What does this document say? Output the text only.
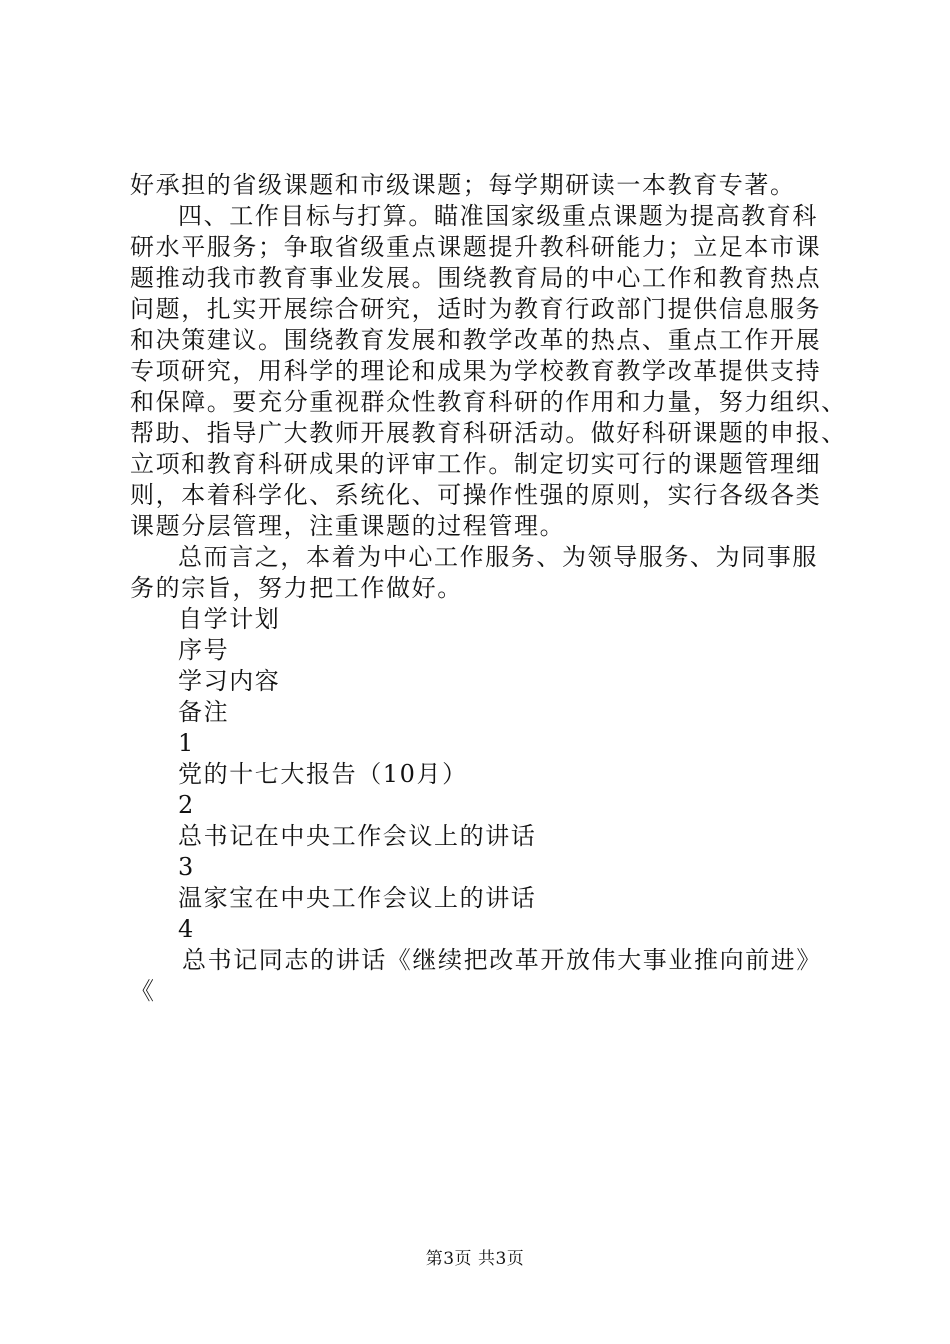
好承担的省级课题和市级课题；每学期研读一本教育专著。
四、工作目标与打算。瞄准国家级重点课题为提高教育科
研水平服务；争取省级重点课题提升教科研能力；立足本市课
题推动我市教育事业发展。围绕教育局的中心工作和教育热点
问题，扎实开展综合研究，适时为教育行政部门提供信息服务
和决策建议。围绕教育发展和教学改革的热点、重点工作开展
专项研究，用科学的理论和成果为学校教育教学改革提供支持
和保障。要充分重视群众性教育科研的作用和力量，努力组织、
帮助、指导广大教师开展教育科研活动。做好科研课题的申报、
立项和教育科研成果的评审工作。制定切实可行的课题管理细
则，本着科学化、系统化、可操作性强的原则，实行各级各类
课题分层管理，注重课题的过程管理。
总而言之，本着为中心工作服务、为领导服务、为同事服
务的宗旨，努力把工作做好。
自学计划
序号
学习内容
备注
1
党的十七大报告（10月）
2
总书记在中央工作会议上的讲话
3
温家宝在中央工作会议上的讲话
4
总书记同志的讲话《继续把改革开放伟大事业推向前进》
《
第3页 共3页
